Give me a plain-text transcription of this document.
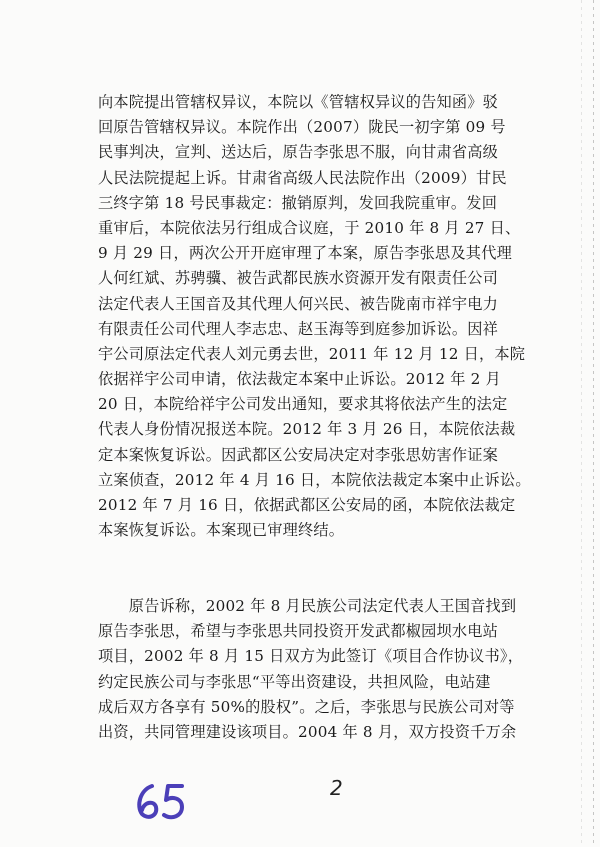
向本院提出管辖权异议，本院以《管辖权异议的告知函》驳
回原告管辖权异议。本院作出（2007）陇民一初字第 09 号
民事判决，宣判、送达后，原告李张思不服，向甘肃省高级
人民法院提起上诉。甘肃省高级人民法院作出（2009）甘民
三终字第 18 号民事裁定：撤销原判，发回我院重审。发回
重审后，本院依法另行组成合议庭，于 2010 年 8 月 27 日、
9 月 29 日，两次公开开庭审理了本案，原告李张思及其代理
人何红斌、苏骋骥、被告武都民族水资源开发有限责任公司
法定代表人王国音及其代理人何兴民、被告陇南市祥宇电力
有限责任公司代理人李志忠、赵玉海等到庭参加诉讼。因祥
宇公司原法定代表人刘元勇去世，2011 年 12 月 12 日，本院
依据祥宇公司申请，依法裁定本案中止诉讼。2012 年 2 月
20 日，本院给祥宇公司发出通知，要求其将依法产生的法定
代表人身份情况报送本院。2012 年 3 月 26 日，本院依法裁
定本案恢复诉讼。因武都区公安局决定对李张思妨害作证案
立案侦查，2012 年 4 月 16 日，本院依法裁定本案中止诉讼。
2012 年 7 月 16 日，依据武都区公安局的函，本院依法裁定
本案恢复诉讼。本案现已审理终结。
　　原告诉称，2002 年 8 月民族公司法定代表人王国音找到
原告李张思，希望与李张思共同投资开发武都椒园坝水电站
项目，2002 年 8 月 15 日双方为此签订《项目合作协议书》，
约定民族公司与李张思“平等出资建设，共担风险，电站建
成后双方各享有 50%的股权”。之后，李张思与民族公司对等
出资，共同管理建设该项目。2004 年 8 月，双方投资千万余
2
